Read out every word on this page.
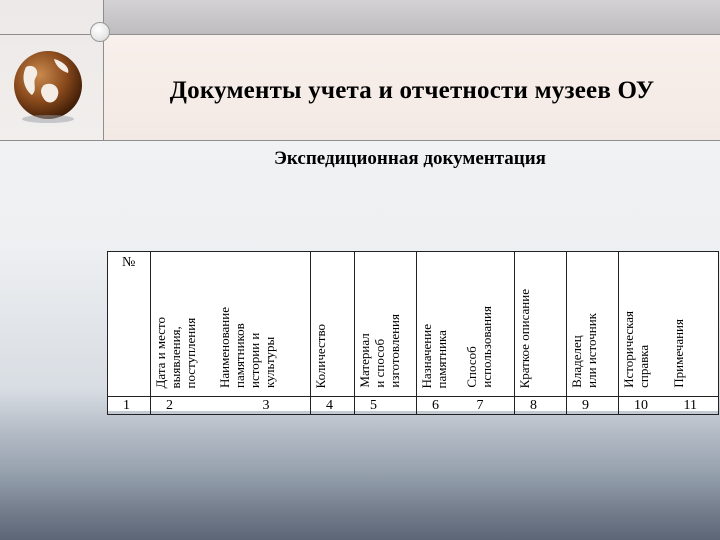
Документы учета и отчетности музеев ОУ
Экспедиционная документация
№	Дата и место
выявления,
поступления	Наименование
памятников
истории и
культуры	Количество	Материал
и способ
изготовления	Назначение
памятника	Способ
использования	Краткое описание	Владелец
или источник	Историческая
справка	Примечания
1	2	3	4	5	6	7	8	9	10	11
